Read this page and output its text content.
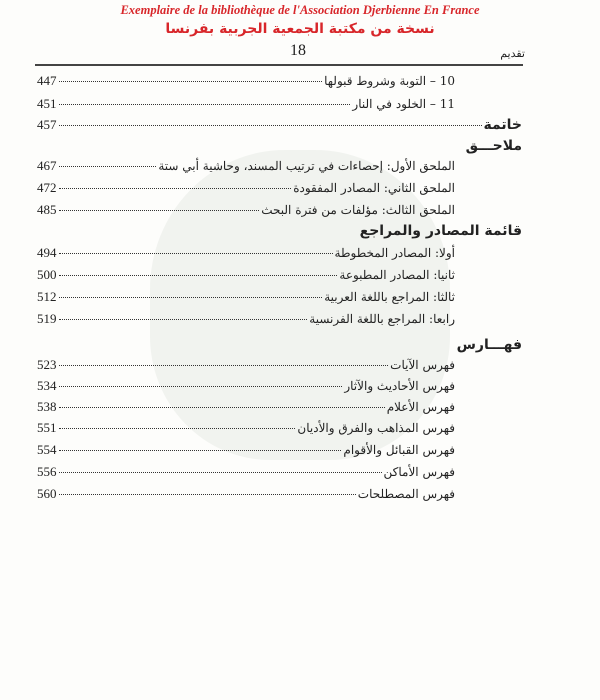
Exemplaire de la bibliothèque de l'Association Djerbienne En France
نسخة من مكتبة الجمعية الجربية بفرنسا
18	تقديم
10 – التوبة وشروط قبولها
447
11 – الخلود في النار
451
خاتمة
457
ملاحـــق
الملحق الأول: إحصاءات في ترتيب المسند، وحاشية أبي ستة
467
الملحق الثاني: المصادر المفقودة
472
الملحق الثالث: مؤلفات من فترة البحث
485
قائمة المصادر والمراجع
أولا: المصادر المخطوطة
494
ثانيا: المصادر المطبوعة
500
ثالثا: المراجع باللغة العربية
512
رابعا: المراجع باللغة الفرنسية
519
فهـــارس
فهرس الآيات
523
فهرس الأحاديث والآثار
534
فهرس الأعلام
538
فهرس المذاهب والفرق والأديان
551
فهرس القبائل والأقوام
554
فهرس الأماكن
556
فهرس المصطلحات
560
